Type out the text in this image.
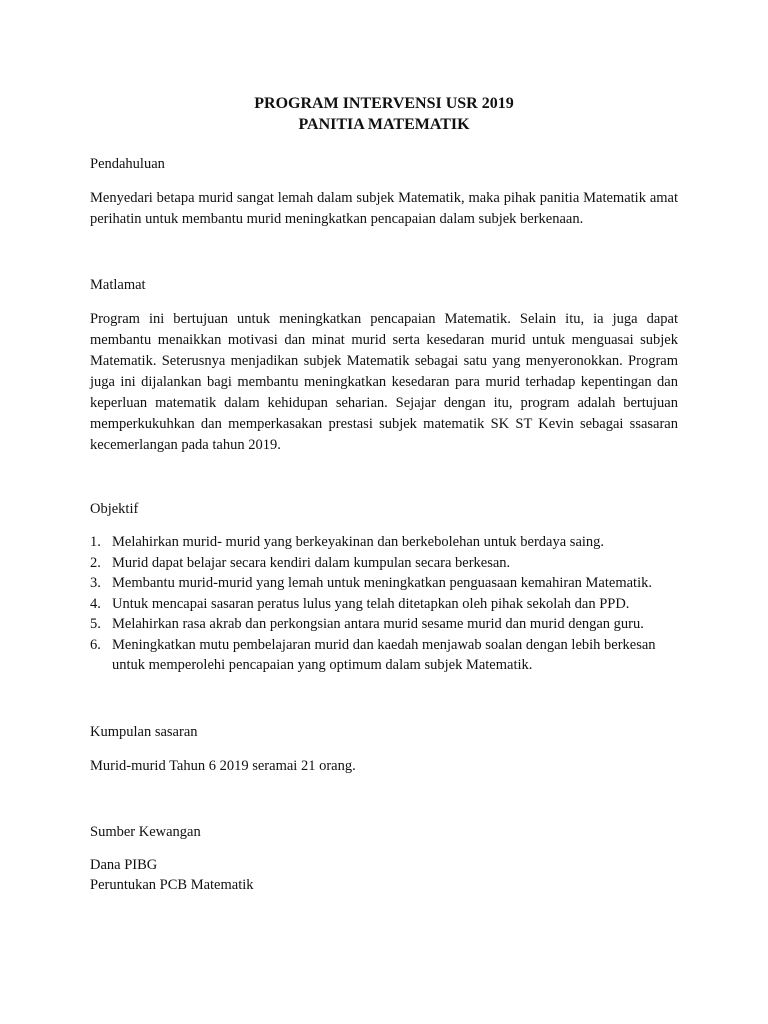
PROGRAM INTERVENSI USR 2019

PANITIA MATEMATIK

Pendahuluan

Menyedari betapa murid sangat lemah dalam subjek Matematik, maka pihak panitia Matematik amat perihatin untuk membantu murid meningkatkan pencapaian dalam subjek berkenaan.

Matlamat

Program ini bertujuan untuk meningkatkan pencapaian Matematik. Selain itu, ia juga dapat membantu menaikkan motivasi dan minat murid serta kesedaran murid untuk menguasai subjek Matematik. Seterusnya menjadikan subjek Matematik sebagai satu yang menyeronokkan. Program juga ini dijalankan bagi membantu meningkatkan kesedaran para murid terhadap kepentingan dan keperluan matematik dalam kehidupan seharian. Sejajar dengan itu, program adalah bertujuan memperkukuhkan dan memperkasakan prestasi subjek matematik SK ST Kevin sebagai ssasaran kecemerlangan pada tahun 2019.

Objektif

1. Melahirkan murid- murid yang berkeyakinan dan berkebolehan untuk berdaya saing.
2. Murid dapat belajar secara kendiri dalam kumpulan secara berkesan.
3. Membantu murid-murid yang lemah untuk meningkatkan penguasaan kemahiran Matematik.
4. Untuk mencapai sasaran peratus lulus yang telah ditetapkan oleh pihak sekolah dan PPD.
5. Melahirkan rasa akrab dan perkongsian antara murid sesame murid dan murid dengan guru.
6. Meningkatkan mutu pembelajaran murid dan kaedah menjawab soalan dengan lebih berkesan untuk memperolehi pencapaian yang optimum dalam subjek Matematik.

Kumpulan sasaran

Murid-murid Tahun 6 2019 seramai 21 orang.

Sumber Kewangan

Dana PIBG

Peruntukan PCB Matematik
